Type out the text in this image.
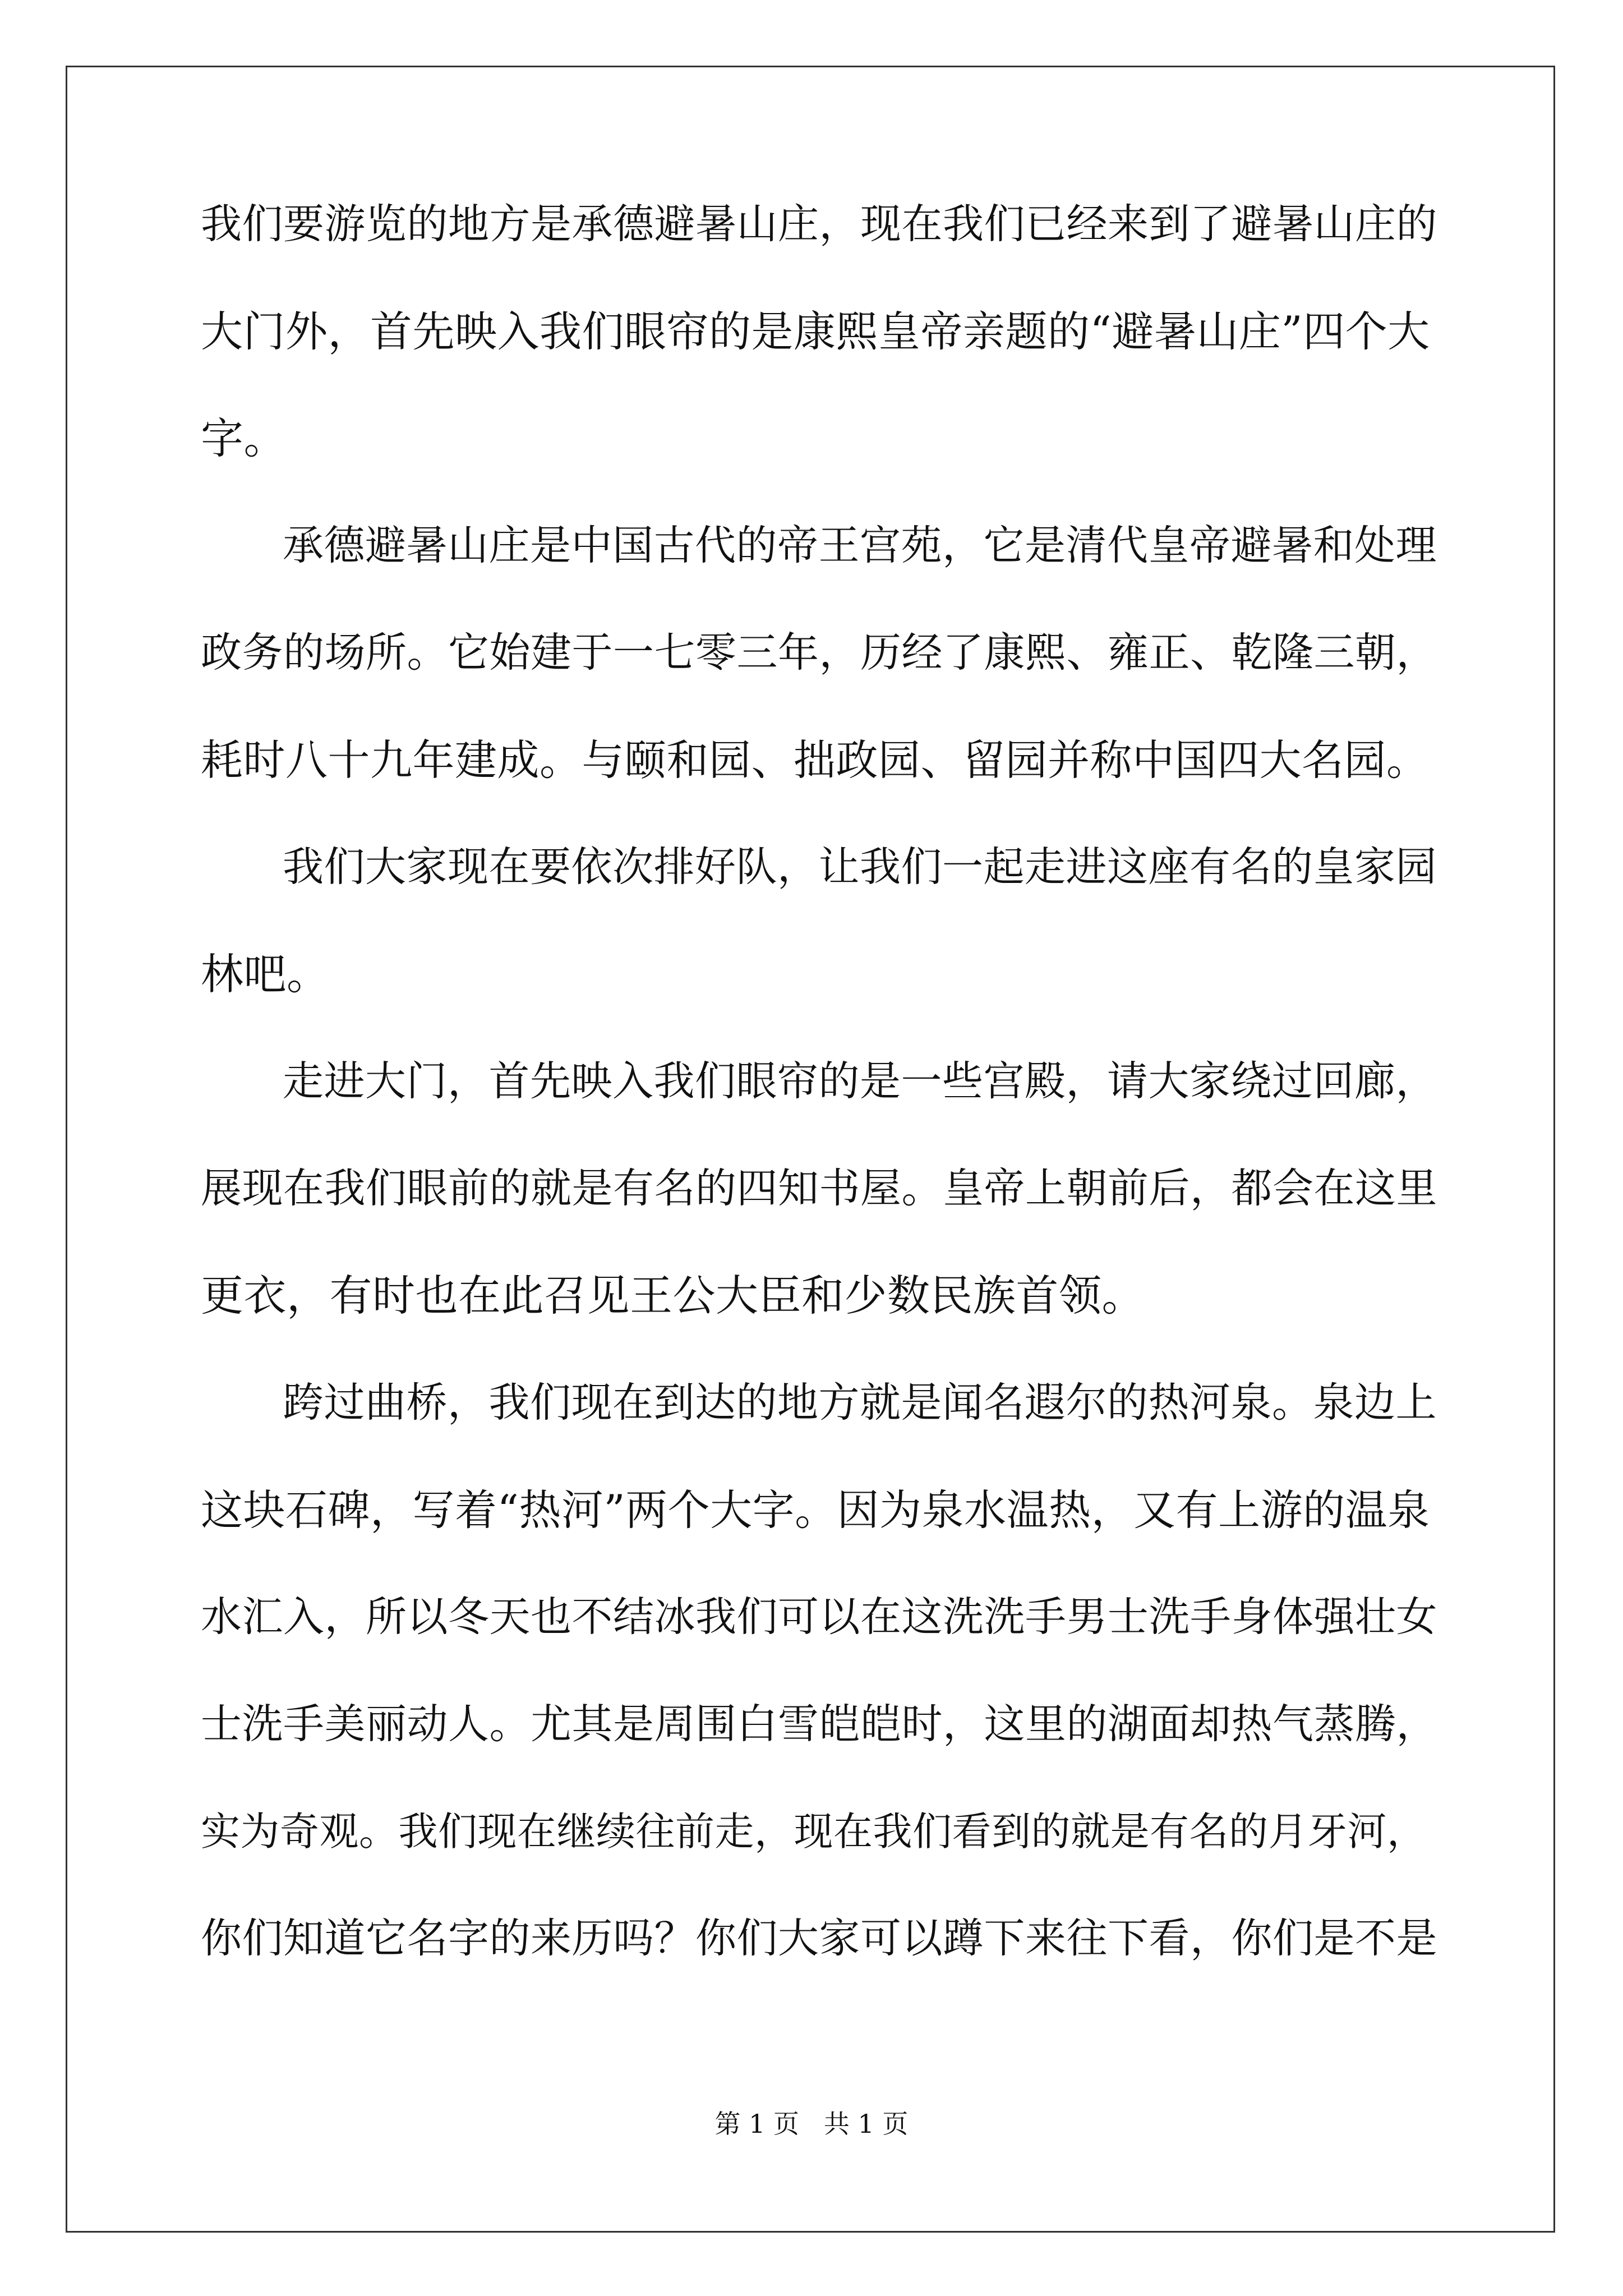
我们要游览的地方是承德避暑山庄，现在我们已经来到了避暑山庄的
大门外，首先映入我们眼帘的是康熙皇帝亲题的“避暑山庄”四个大
字。
承德避暑山庄是中国古代的帝王宫苑，它是清代皇帝避暑和处理
政务的场所。它始建于一七零三年，历经了康熙、雍正、乾隆三朝，
耗时八十九年建成。与颐和园、拙政园、留园并称中国四大名园。
我们大家现在要依次排好队，让我们一起走进这座有名的皇家园
林吧。
走进大门，首先映入我们眼帘的是一些宫殿，请大家绕过回廊，
展现在我们眼前的就是有名的四知书屋。皇帝上朝前后，都会在这里
更衣，有时也在此召见王公大臣和少数民族首领。
跨过曲桥，我们现在到达的地方就是闻名遐尔的热河泉。泉边上
这块石碑，写着“热河”两个大字。因为泉水温热，又有上游的温泉
水汇入，所以冬天也不结冰我们可以在这洗洗手男士洗手身体强壮女
士洗手美丽动人。尤其是周围白雪皑皑时，这里的湖面却热气蒸腾，
实为奇观。我们现在继续往前走，现在我们看到的就是有名的月牙河，
你们知道它名字的来历吗？你们大家可以蹲下来往下看，你们是不是
第 1 页   共 1 页
